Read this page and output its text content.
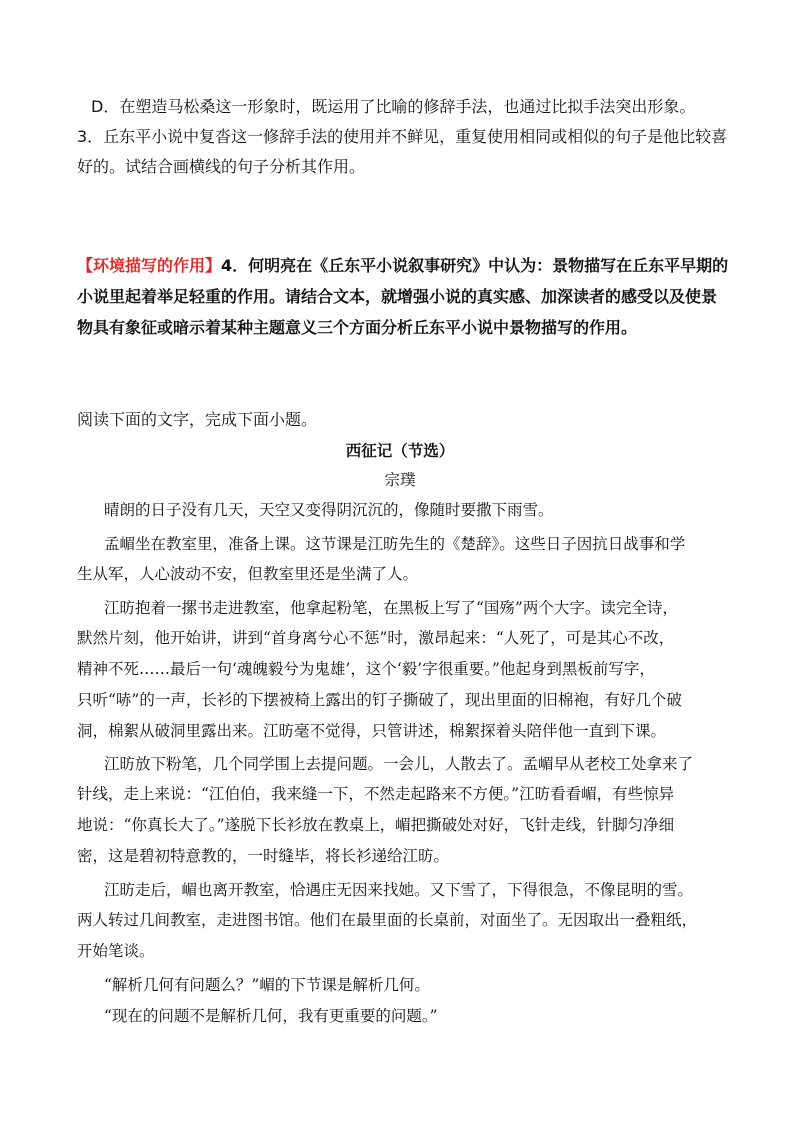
D．在塑造马松桑这一形象时，既运用了比喻的修辞手法，也通过比拟手法突出形象。
3．丘东平小说中复沓这一修辞手法的使用并不鲜见，重复使用相同或相似的句子是他比较喜
好的。试结合画横线的句子分析其作用。
【环境描写的作用】4．何明亮在《丘东平小说叙事研究》中认为：景物描写在丘东平早期的
小说里起着举足轻重的作用。请结合文本，就增强小说的真实感、加深读者的感受以及使景
物具有象征或暗示着某种主题意义三个方面分析丘东平小说中景物描写的作用。
阅读下面的文字，完成下面小题。
西征记（节选）
宗璞
晴朗的日子没有几天，天空又变得阴沉沉的，像随时要撒下雨雪。
孟嵋坐在教室里，准备上课。这节课是江昉先生的《楚辞》。这些日子因抗日战事和学
生从军，人心波动不安，但教室里还是坐满了人。
江昉抱着一摞书走进教室，他拿起粉笔，在黑板上写了“国殇”两个大字。读完全诗，
默然片刻，他开始讲，讲到“首身离兮心不惩”时，激昂起来：“人死了，可是其心不改，
精神不死……最后一句‘魂魄毅兮为鬼雄’，这个‘毅’字很重要。”他起身到黑板前写字，
只听“哧”的一声，长衫的下摆被椅上露出的钉子撕破了，现出里面的旧棉袍，有好几个破
洞，棉絮从破洞里露出来。江昉毫不觉得，只管讲述，棉絮探着头陪伴他一直到下课。
江昉放下粉笔，几个同学围上去提问题。一会儿，人散去了。孟嵋早从老校工处拿来了
针线，走上来说：“江伯伯，我来缝一下，不然走起路来不方便。”江昉看看嵋，有些惊异
地说：“你真长大了。”遂脱下长衫放在教桌上，嵋把撕破处对好，飞针走线，针脚匀净细
密，这是碧初特意教的，一时缝毕，将长衫递给江昉。
江昉走后，嵋也离开教室，恰遇庄无因来找她。又下雪了，下得很急，不像昆明的雪。
两人转过几间教室，走进图书馆。他们在最里面的长桌前，对面坐了。无因取出一叠粗纸，
开始笔谈。
“解析几何有问题么？”嵋的下节课是解析几何。
“现在的问题不是解析几何，我有更重要的问题。”
